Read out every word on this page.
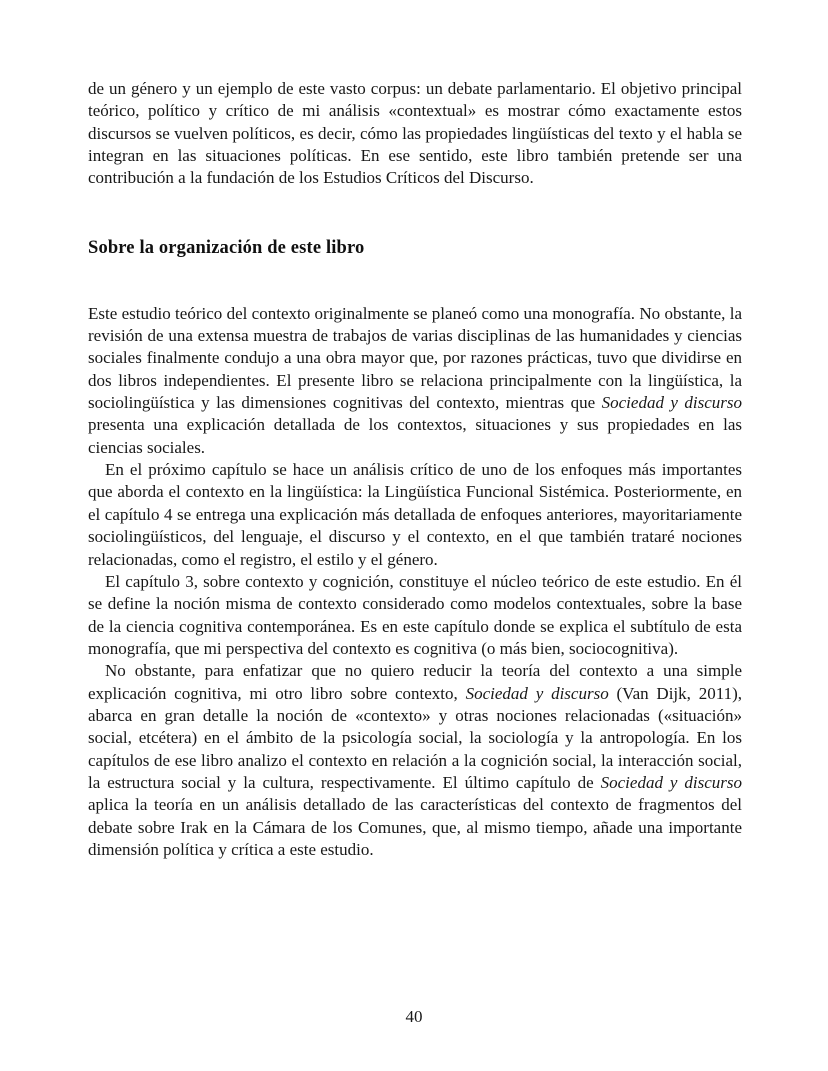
de un género y un ejemplo de este vasto corpus: un debate parlamentario. El objetivo principal teórico, político y crítico de mi análisis «contextual» es mostrar cómo exactamente estos discursos se vuelven políticos, es decir, cómo las propiedades lingüísticas del texto y el habla se integran en las situaciones políticas. En ese sentido, este libro también pretende ser una contribución a la fundación de los Estudios Críticos del Discurso.

Sobre la organización de este libro

Este estudio teórico del contexto originalmente se planeó como una monografía. No obstante, la revisión de una extensa muestra de trabajos de varias disciplinas de las humanidades y ciencias sociales finalmente condujo a una obra mayor que, por razones prácticas, tuvo que dividirse en dos libros independientes. El presente libro se relaciona principalmente con la lingüística, la sociolingüística y las dimensiones cognitivas del contexto, mientras que Sociedad y discurso presenta una explicación detallada de los contextos, situaciones y sus propiedades en las ciencias sociales.

En el próximo capítulo se hace un análisis crítico de uno de los enfoques más importantes que aborda el contexto en la lingüística: la Lingüística Funcional Sistémica. Posteriormente, en el capítulo 4 se entrega una explicación más detallada de enfoques anteriores, mayoritariamente sociolingüísticos, del lenguaje, el discurso y el contexto, en el que también trataré nociones relacionadas, como el registro, el estilo y el género.

El capítulo 3, sobre contexto y cognición, constituye el núcleo teórico de este estudio. En él se define la noción misma de contexto considerado como modelos contextuales, sobre la base de la ciencia cognitiva contemporánea. Es en este capítulo donde se explica el subtítulo de esta monografía, que mi perspectiva del contexto es cognitiva (o más bien, sociocognitiva).

No obstante, para enfatizar que no quiero reducir la teoría del contexto a una simple explicación cognitiva, mi otro libro sobre contexto, Sociedad y discurso (Van Dijk, 2011), abarca en gran detalle la noción de «contexto» y otras nociones relacionadas («situación» social, etcétera) en el ámbito de la psicología social, la sociología y la antropología. En los capítulos de ese libro analizo el contexto en relación a la cognición social, la interacción social, la estructura social y la cultura, respectivamente. El último capítulo de Sociedad y discurso aplica la teoría en un análisis detallado de las características del contexto de fragmentos del debate sobre Irak en la Cámara de los Comunes, que, al mismo tiempo, añade una importante dimensión política y crítica a este estudio.

40
